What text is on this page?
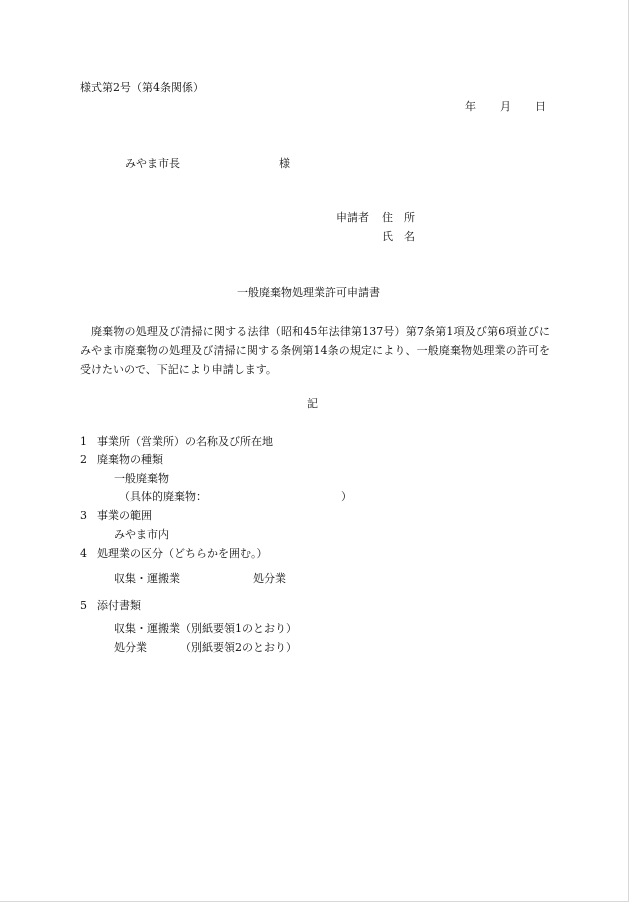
様式第2号（第4条関係）
年 月 日
みやま市長	様
申請者 住　所
氏　名
一般廃棄物処理業許可申請書
廃棄物の処理及び清掃に関する法律（昭和45年法律第137号）第7条第1項及び第6項並びにみやま市廃棄物の処理及び清掃に関する条例第14条の規定により、一般廃棄物処理業の許可を受けたいので、下記により申請します。
記
1 事業所（営業所）の名称及び所在地
2 廃棄物の種類
一般廃棄物
（具体的廃棄物：	）
3 事業の範囲
みやま市内
4 処理業の区分（どちらかを囲む。）
収集・運搬業	処分業
5 添付書類
収集・運搬業 （別紙要領1のとおり）
処分業	（別紙要領2のとおり）
